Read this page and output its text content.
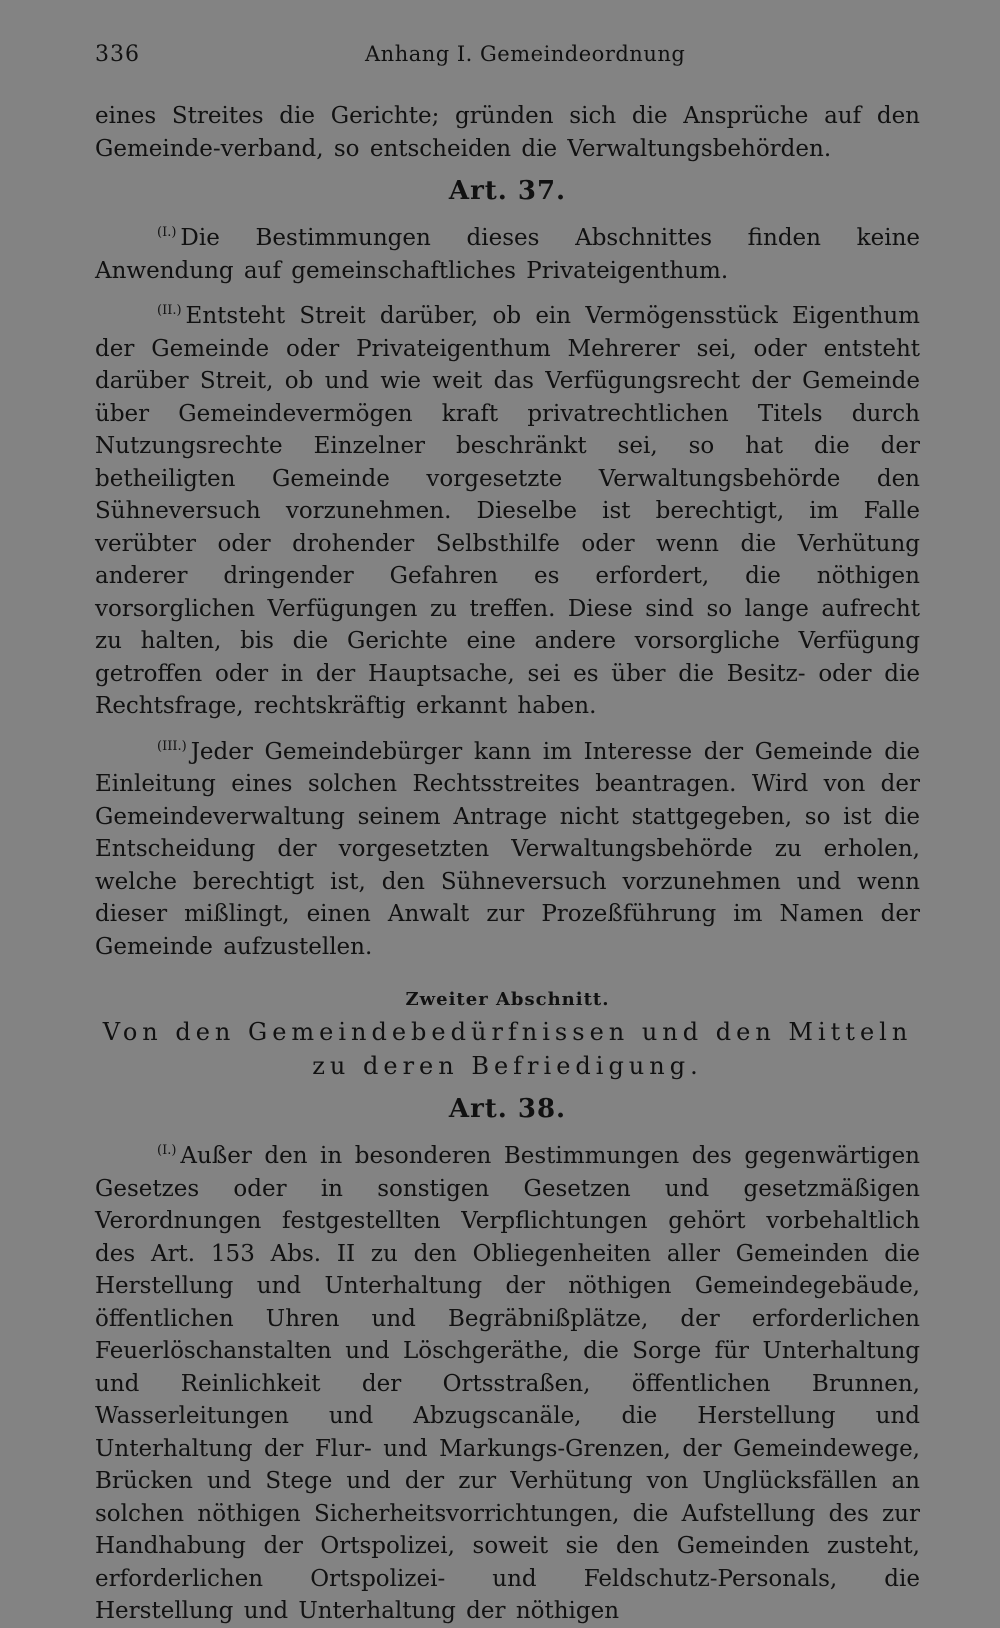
336	Anhang I. Gemeindeordnung

eines Streites die Gerichte; gründen sich die Ansprüche auf den Gemeinde-verband, so entscheiden die Verwaltungsbehörden.

Art. 37.

$^{(I.)}$ Die Bestimmungen dieses Abschnittes finden keine Anwendung auf gemeinschaftliches Privateigenthum.

$^{(II.)}$ Entsteht Streit darüber, ob ein Vermögensstück Eigenthum der Gemeinde oder Privateigenthum Mehrerer sei, oder entsteht darüber Streit, ob und wie weit das Verfügungsrecht der Gemeinde über Gemeindevermögen kraft privatrechtlichen Titels durch Nutzungsrechte Einzelner beschränkt sei, so hat die der betheiligten Gemeinde vorgesetzte Verwaltungsbehörde den Sühneversuch vorzunehmen. Dieselbe ist berechtigt, im Falle verübter oder drohender Selbsthilfe oder wenn die Verhütung anderer dringender Gefahren es erfordert, die nöthigen vorsorglichen Verfügungen zu treffen. Diese sind so lange aufrecht zu halten, bis die Gerichte eine andere vorsorgliche Verfügung getroffen oder in der Hauptsache, sei es über die Besitz- oder die Rechtsfrage, rechtskräftig erkannt haben.

$^{(III.)}$ Jeder Gemeindebürger kann im Interesse der Gemeinde die Einleitung eines solchen Rechtsstreites beantragen. Wird von der Gemeindeverwaltung seinem Antrage nicht stattgegeben, so ist die Entscheidung der vorgesetzten Verwaltungsbehörde zu erholen, welche berechtigt ist, den Sühneversuch vorzunehmen und wenn dieser mißlingt, einen Anwalt zur Prozeßführung im Namen der Gemeinde aufzustellen.

Zweiter Abschnitt.

Von den Gemeindebedürfnissen und den Mitteln zu deren Befriedigung.

Art. 38.

$^{(I.)}$ Außer den in besonderen Bestimmungen des gegenwärtigen Gesetzes oder in sonstigen Gesetzen und gesetzmäßigen Verordnungen festgestellten Verpflichtungen gehört vorbehaltlich des Art. 153 Abs. II zu den Obliegenheiten aller Gemeinden die Herstellung und Unterhaltung der nöthigen Gemeindegebäude, öffentlichen Uhren und Begräbnißplätze, der erforderlichen Feuerlöschanstalten und Löschgeräthe, die Sorge für Unterhaltung und Reinlichkeit der Ortsstraßen, öffentlichen Brunnen, Wasserleitungen und Abzugscanäle, die Herstellung und Unterhaltung der Flur- und Markungs-Grenzen, der Gemeindewege, Brücken und Stege und der zur Verhütung von Unglücksfällen an solchen nöthigen Sicherheitsvorrichtungen, die Aufstellung des zur Handhabung der Ortspolizei, soweit sie den Gemeinden zusteht, erforderlichen Ortspolizei- und Feldschutz-Personals, die Herstellung und Unterhaltung der nöthigen
